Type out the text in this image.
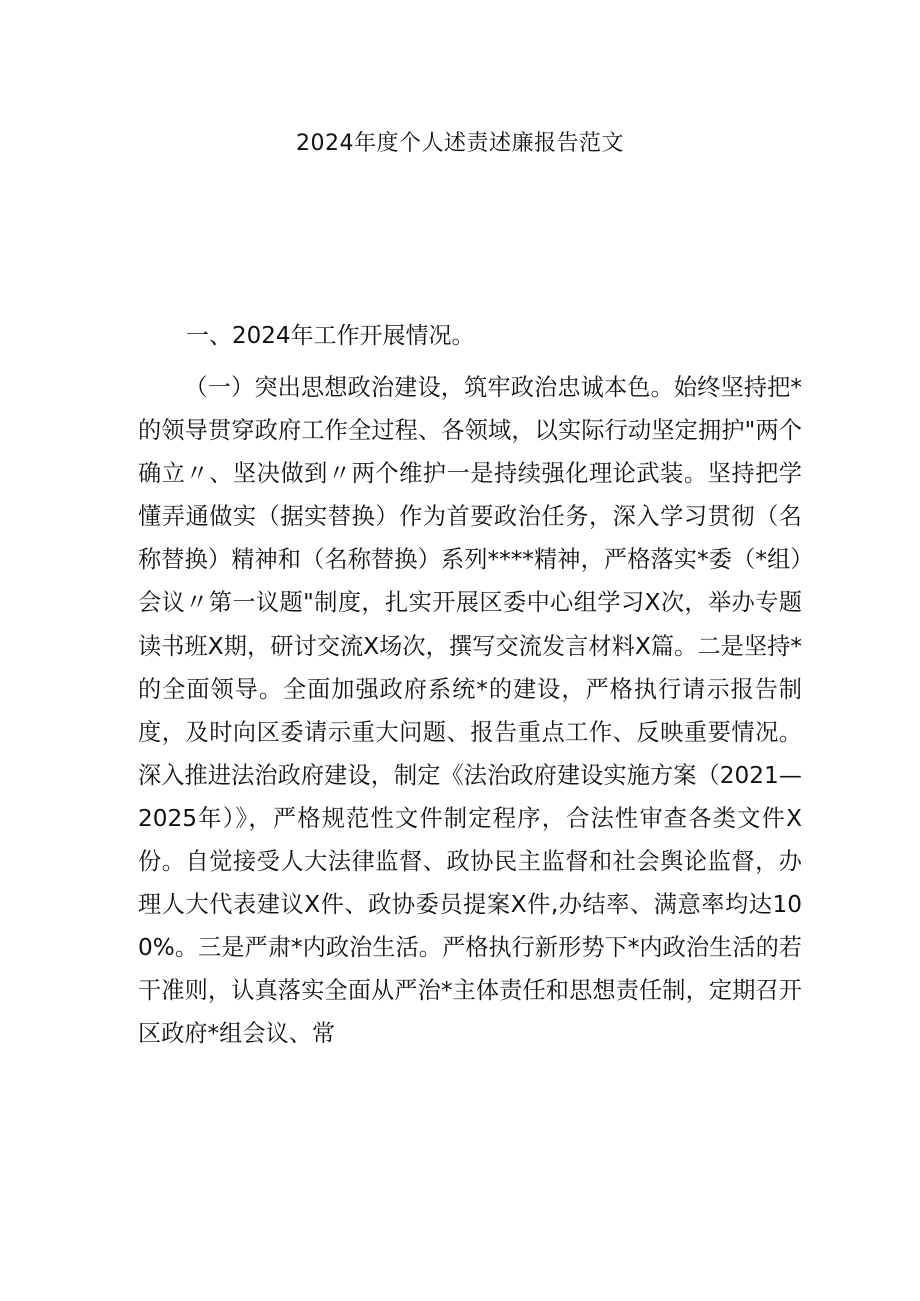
2024年度个人述责述廉报告范文
一、2024年工作开展情况。

（一）突出思想政治建设，筑牢政治忠诚本色。始终坚持把*的领导贯穿政府工作全过程、各领域，以实际行动坚定拥护"两个确立〃、坚决做到〃两个维护一是持续强化理论武装。坚持把学懂弄通做实（据实替换）作为首要政治任务，深入学习贯彻（名称替换）精神和（名称替换）系列****精神，严格落实*委（*组）会议〃第一议题"制度，扎实开展区委中心组学习X次，举办专题读书班X期，研讨交流X场次，撰写交流发言材料X篇。二是坚持*的全面领导。全面加强政府系统*的建设，严格执行请示报告制度，及时向区委请示重大问题、报告重点工作、反映重要情况。深入推进法治政府建设，制定《法治政府建设实施方案（2021—2025年）》，严格规范性文件制定程序，合法性审查各类文件X份。自觉接受人大法律监督、政协民主监督和社会舆论监督，办理人大代表建议X件、政协委员提案X件,办结率、满意率均达100%。三是严肃*内政治生活。严格执行新形势下*内政治生活的若干准则，认真落实全面从严治*主体责任和思想责任制，定期召开区政府*组会议、常
